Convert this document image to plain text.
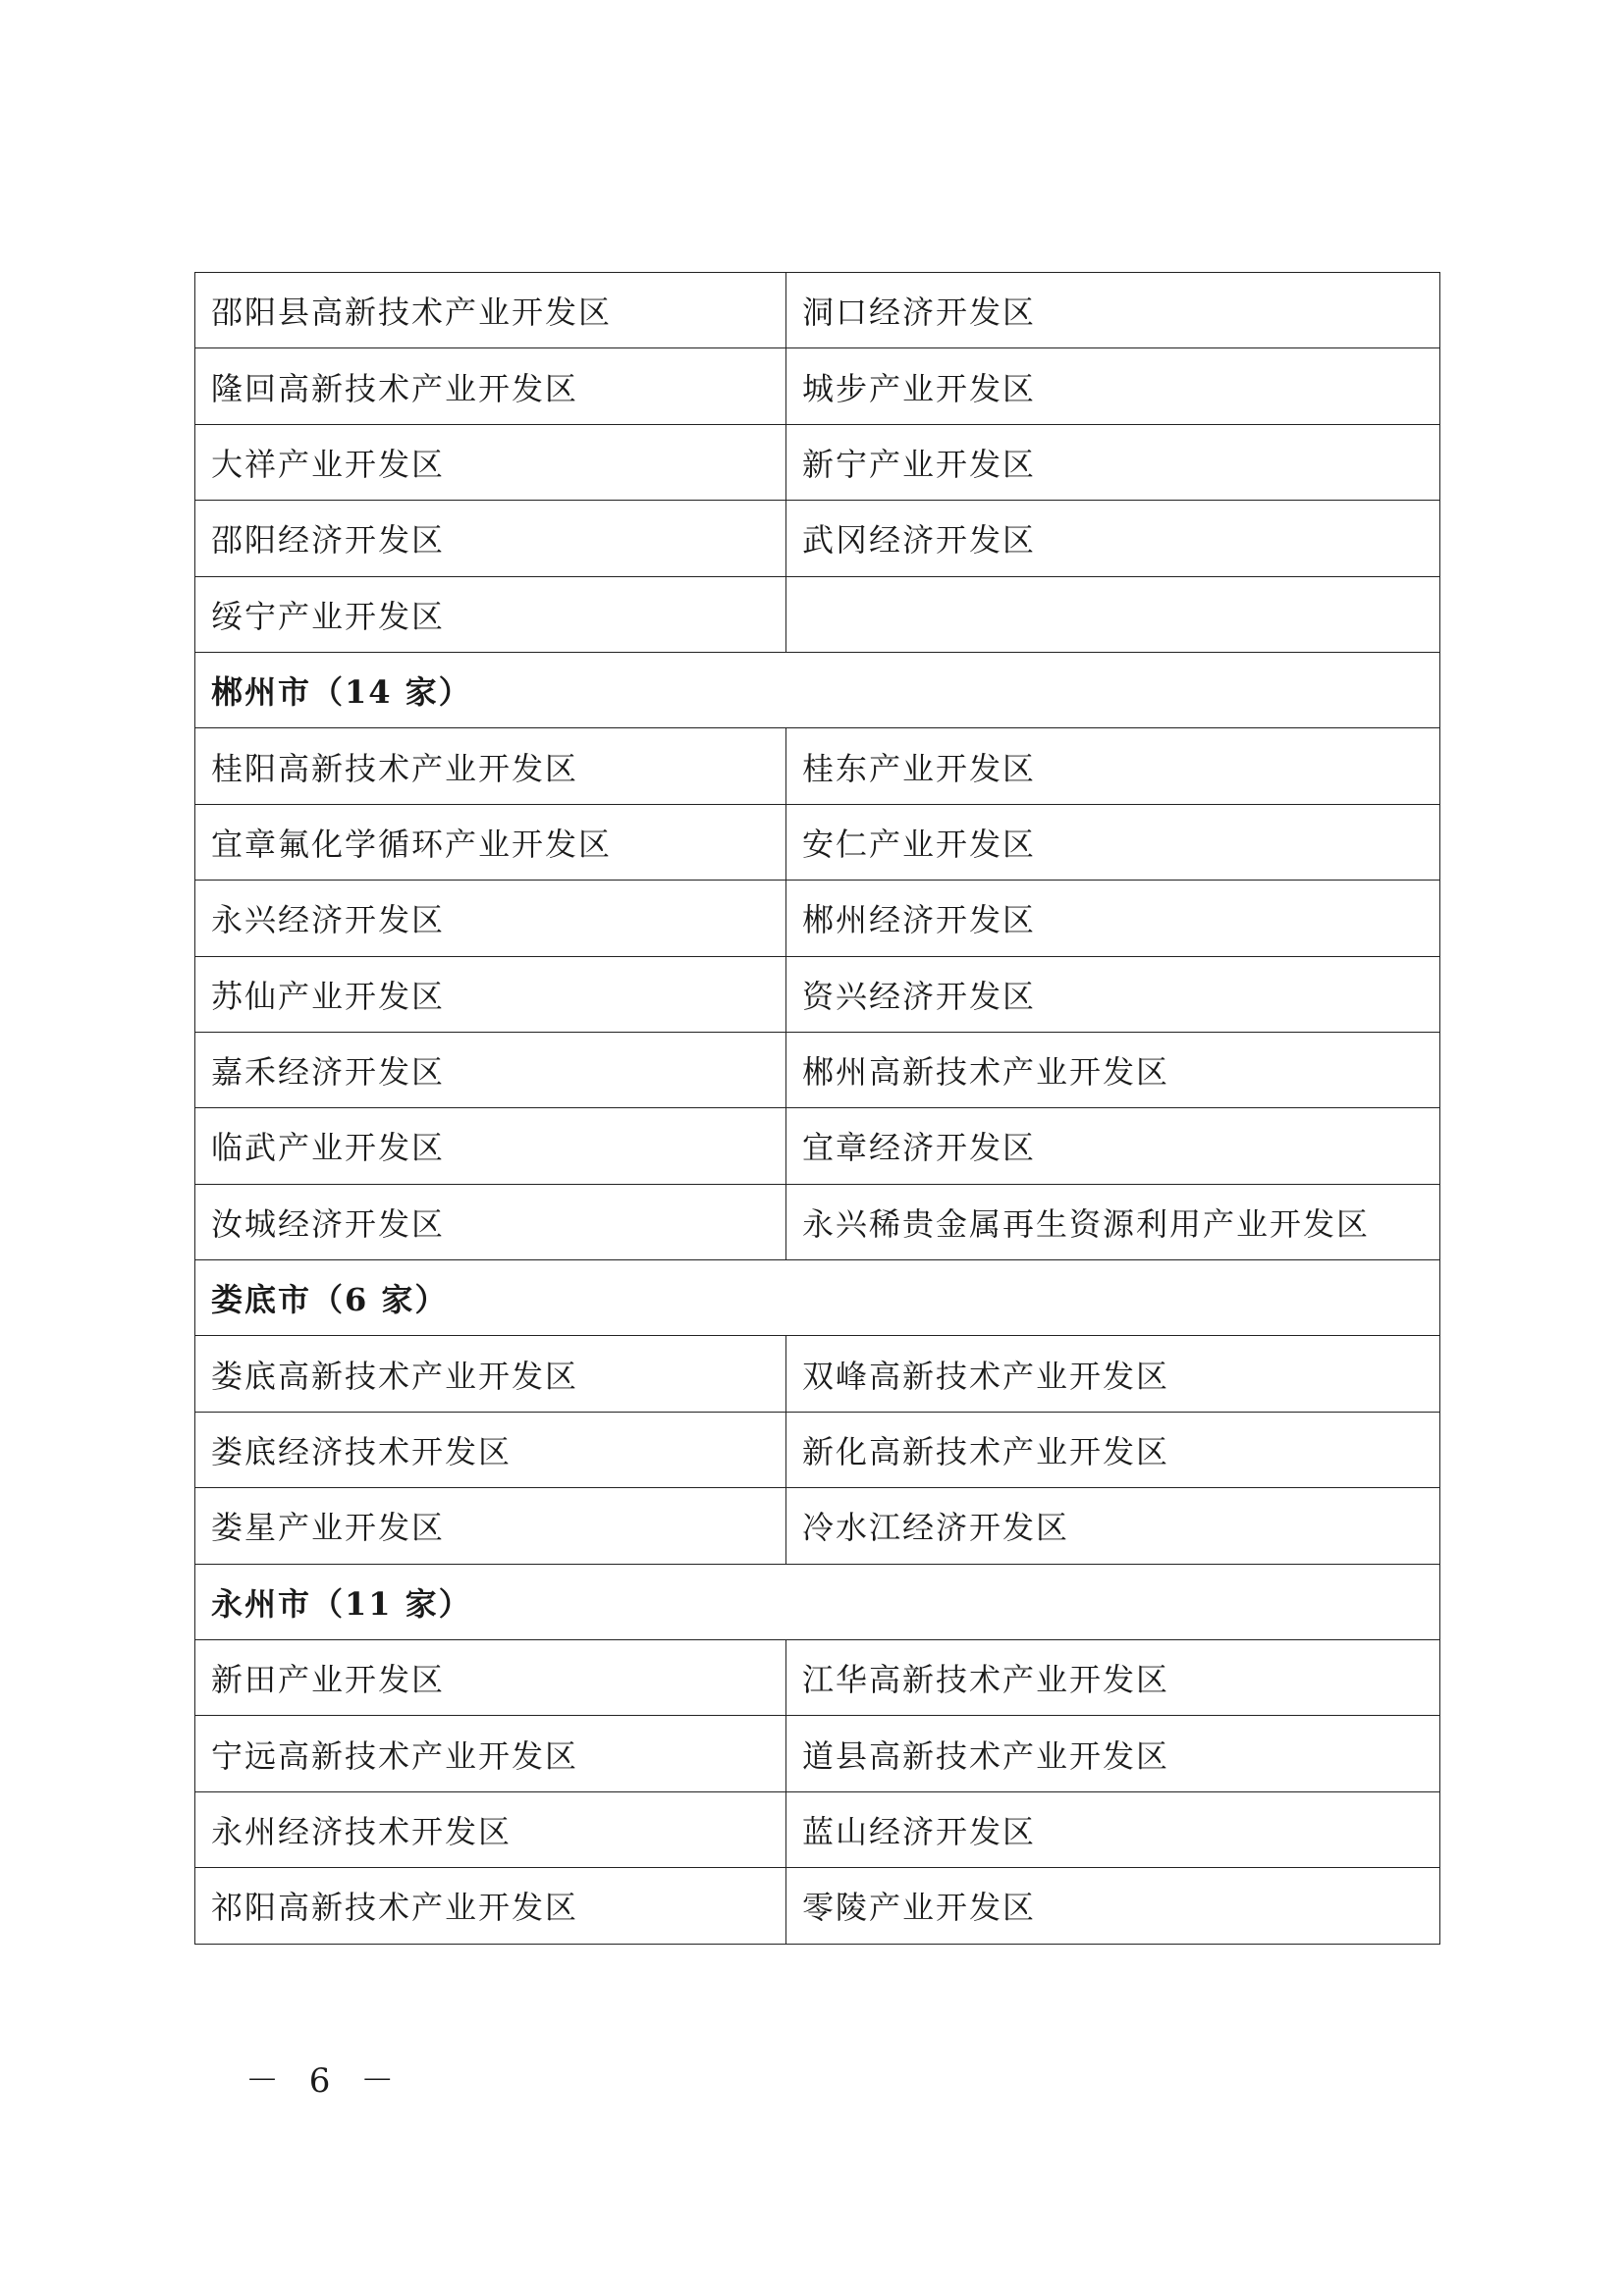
邵阳县高新技术产业开发区	洞口经济开发区
隆回高新技术产业开发区	城步产业开发区
大祥产业开发区	新宁产业开发区
邵阳经济开发区	武冈经济开发区
绥宁产业开发区	
郴州市（14 家）	
桂阳高新技术产业开发区	桂东产业开发区
宜章氟化学循环产业开发区	安仁产业开发区
永兴经济开发区	郴州经济开发区
苏仙产业开发区	资兴经济开发区
嘉禾经济开发区	郴州高新技术产业开发区
临武产业开发区	宜章经济开发区
汝城经济开发区	永兴稀贵金属再生资源利用产业开发区
娄底市（6 家）	
娄底高新技术产业开发区	双峰高新技术产业开发区
娄底经济技术开发区	新化高新技术产业开发区
娄星产业开发区	冷水江经济开发区
永州市（11 家）	
新田产业开发区	江华高新技术产业开发区
宁远高新技术产业开发区	道县高新技术产业开发区
永州经济技术开发区	蓝山经济开发区
祁阳高新技术产业开发区	零陵产业开发区
－ 6 －
